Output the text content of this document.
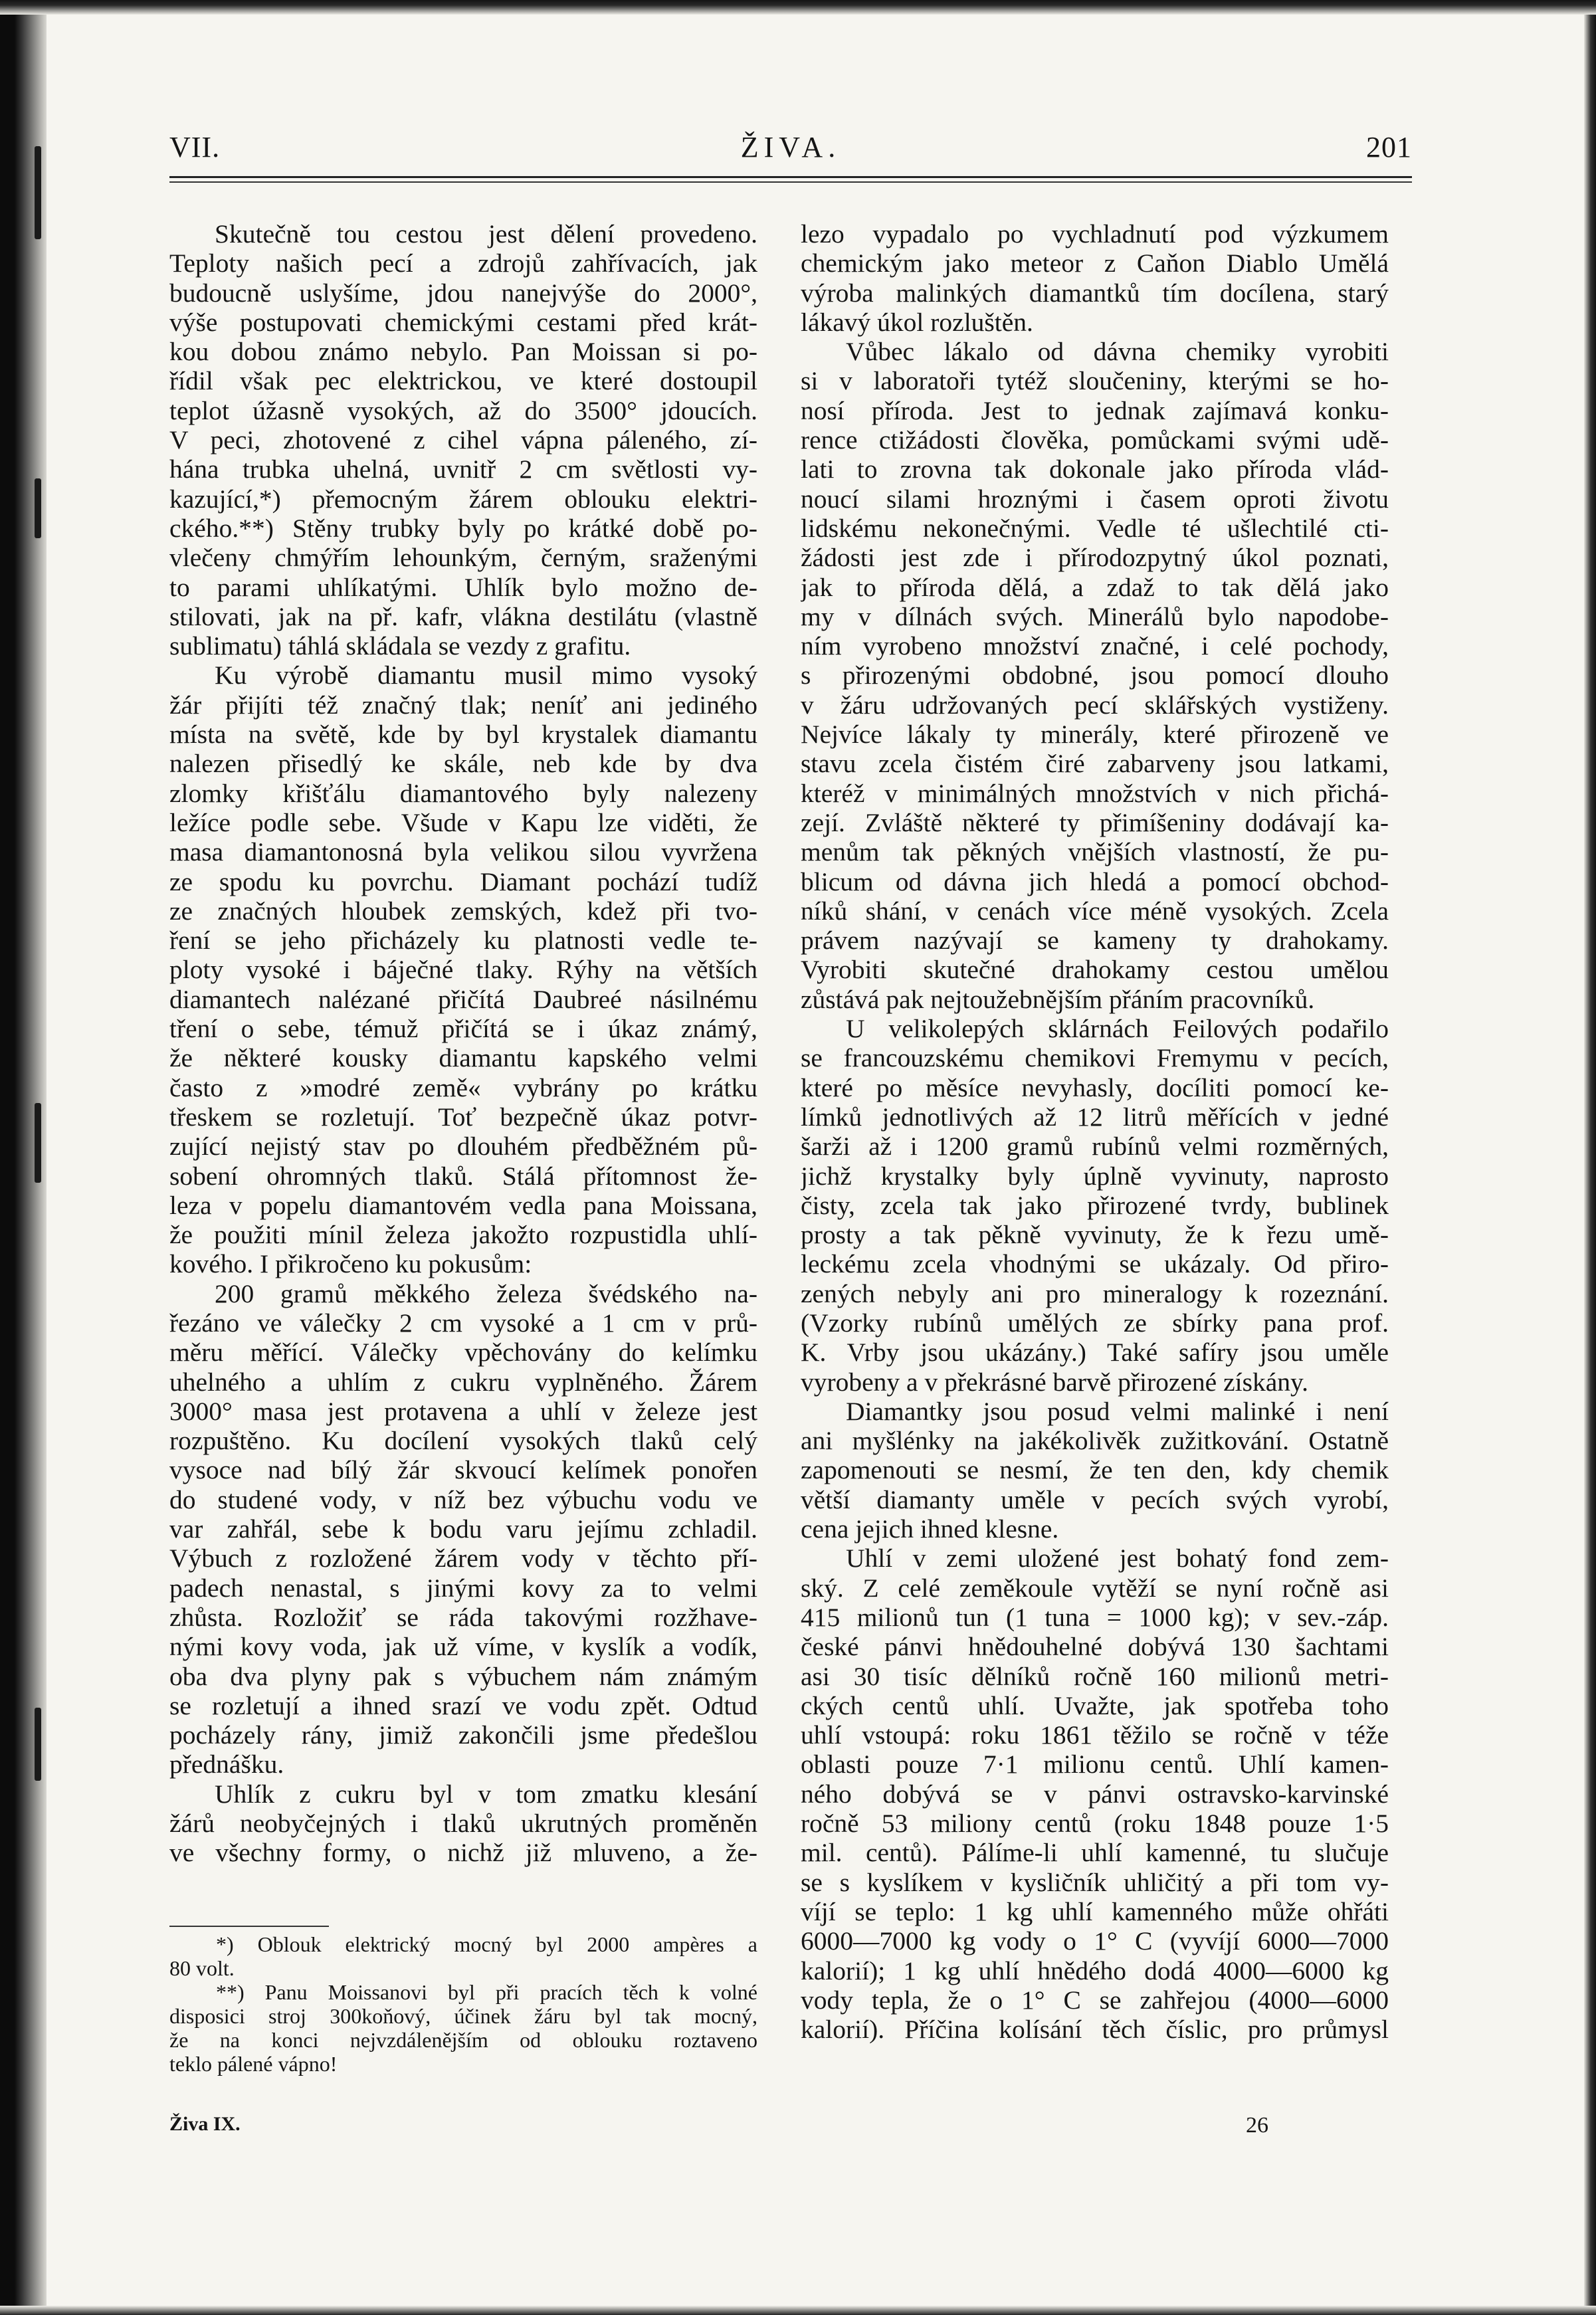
VII.	ŽIVA.	201
Skutečně tou cestou jest dělení provedeno.
Teploty našich pecí a zdrojů zahřívacích, jak
budoucně uslyšíme, jdou nanejvýše do 2000°,
výše postupovati chemickými cestami před krát-
kou dobou známo nebylo. Pan Moissan si po-
řídil však pec elektrickou, ve které dostoupil
teplot úžasně vysokých, až do 3500° jdoucích.
V peci, zhotovené z cihel vápna páleného, zí-
hána trubka uhelná, uvnitř 2 cm světlosti vy-
kazující,*) přemocným žárem oblouku elektri-
ckého.**) Stěny trubky byly po krátké době po-
vlečeny chmýřím lehounkým, černým, sraženými
to parami uhlíkatými. Uhlík bylo možno de-
stilovati, jak na př. kafr, vlákna destilátu (vlastně
sublimatu) táhlá skládala se vezdy z grafitu.
Ku výrobě diamantu musil mimo vysoký
žár přijíti též značný tlak; neníť ani jediného
místa na světě, kde by byl krystalek diamantu
nalezen přisedlý ke skále, neb kde by dva
zlomky křišťálu diamantového byly nalezeny
ležíce podle sebe. Všude v Kapu lze viděti, že
masa diamantonosná byla velikou silou vyvržena
ze spodu ku povrchu. Diamant pochází tudíž
ze značných hloubek zemských, kdež při tvo-
ření se jeho přicházely ku platnosti vedle te-
ploty vysoké i báječné tlaky. Rýhy na větších
diamantech nalézané přičítá Daubreé násilnému
tření o sebe, témuž přičítá se i úkaz známý,
že některé kousky diamantu kapského velmi
často z »modré země« vybrány po krátku
třeskem se rozletují. Toť bezpečně úkaz potvr-
zující nejistý stav po dlouhém předběžném pů-
sobení ohromných tlaků. Stálá přítomnost že-
leza v popelu diamantovém vedla pana Moissana,
že použiti mínil železa jakožto rozpustidla uhlí-
kového. I přikročeno ku pokusům:
200 gramů měkkého železa švédského na-
řezáno ve válečky 2 cm vysoké a 1 cm v prů-
měru měřící. Válečky vpěchovány do kelímku
uhelného a uhlím z cukru vyplněného. Žárem
3000° masa jest protavena a uhlí v železe jest
rozpuštěno. Ku docílení vysokých tlaků celý
vysoce nad bílý žár skvoucí kelímek ponořen
do studené vody, v níž bez výbuchu vodu ve
var zahřál, sebe k bodu varu jejímu zchladil.
Výbuch z rozložené žárem vody v těchto pří-
padech nenastal, s jinými kovy za to velmi
zhůsta. Rozložiť se ráda takovými rozžhave-
nými kovy voda, jak už víme, v kyslík a vodík,
oba dva plyny pak s výbuchem nám známým
se rozletují a ihned srazí ve vodu zpět. Odtud
pocházely rány, jimiž zakončili jsme předešlou
přednášku.
Uhlík z cukru byl v tom zmatku klesání
žárů neobyčejných i tlaků ukrutných proměněn
ve všechny formy, o nichž již mluveno, a že-
lezo vypadalo po vychladnutí pod výzkumem
chemickým jako meteor z Caňon Diablo Umělá
výroba malinkých diamantků tím docílena, starý
lákavý úkol rozluštěn.
Vůbec lákalo od dávna chemiky vyrobiti
si v laboratoři tytéž sloučeniny, kterými se ho-
nosí příroda. Jest to jednak zajímavá konku-
rence ctižádosti člověka, pomůckami svými udě-
lati to zrovna tak dokonale jako příroda vlád-
noucí silami hroznými i časem oproti životu
lidskému nekonečnými. Vedle té ušlechtilé cti-
žádosti jest zde i přírodozpytný úkol poznati,
jak to příroda dělá, a zdaž to tak dělá jako
my v dílnách svých. Minerálů bylo napodobe-
ním vyrobeno množství značné, i celé pochody,
s přirozenými obdobné, jsou pomocí dlouho
v žáru udržovaných pecí sklářských vystiženy.
Nejvíce lákaly ty minerály, které přirozeně ve
stavu zcela čistém čiré zabarveny jsou latkami,
kteréž v minimálných množstvích v nich přichá-
zejí. Zvláště některé ty přimíšeniny dodávají ka-
menům tak pěkných vnějších vlastností, že pu-
blicum od dávna jich hledá a pomocí obchod-
níků shání, v cenách více méně vysokých. Zcela
právem nazývají se kameny ty drahokamy.
Vyrobiti skutečné drahokamy cestou umělou
zůstává pak nejtoužebnějším přáním pracovníků.
U velikolepých sklárnách Feilových podařilo
se francouzskému chemikovi Fremymu v pecích,
které po měsíce nevyhasly, docíliti pomocí ke-
límků jednotlivých až 12 litrů měřících v jedné
šarži až i 1200 gramů rubínů velmi rozměrných,
jichž krystalky byly úplně vyvinuty, naprosto
čisty, zcela tak jako přirozené tvrdy, bublinek
prosty a tak pěkně vyvinuty, že k řezu umě-
leckému zcela vhodnými se ukázaly. Od přiro-
zených nebyly ani pro mineralogy k rozeznání.
(Vzorky rubínů umělých ze sbírky pana prof.
K. Vrby jsou ukázány.) Také safíry jsou uměle
vyrobeny a v překrásné barvě přirozené získány.
Diamantky jsou posud velmi malinké i není
ani myšlénky na jakékolivěk zužitkování. Ostatně
zapomenouti se nesmí, že ten den, kdy chemik
větší diamanty uměle v pecích svých vyrobí,
cena jejich ihned klesne.
Uhlí v zemi uložené jest bohatý fond zem-
ský. Z celé zeměkoule vytěží se nyní ročně asi
415 milionů tun (1 tuna = 1000 kg); v sev.-záp.
české pánvi hnědouhelné dobývá 130 šachtami
asi 30 tisíc dělníků ročně 160 milionů metri-
ckých centů uhlí. Uvažte, jak spotřeba toho
uhlí vstoupá: roku 1861 těžilo se ročně v téže
oblasti pouze 7·1 milionu centů. Uhlí kamen-
ného dobývá se v pánvi ostravsko-karvinské
ročně 53 miliony centů (roku 1848 pouze 1·5
mil. centů). Pálíme-li uhlí kamenné, tu slučuje
se s kyslíkem v kysličník uhličitý a při tom vy-
víjí se teplo: 1 kg uhlí kamenného může ohřáti
6000—7000 kg vody o 1° C (vyvíjí 6000—7000
kalorií); 1 kg uhlí hnědého dodá 4000—6000 kg
vody tepla, že o 1° C se zahřejou (4000—6000
kalorií). Příčina kolísání těch číslic, pro průmysl
*) Oblouk elektrický mocný byl 2000 ampères a
80 volt.
**) Panu Moissanovi byl při pracích těch k volné
disposici stroj 300koňový, účinek žáru byl tak mocný,
že na konci nejvzdálenějším od oblouku roztaveno
teklo pálené vápno!
Živa IX.	26
